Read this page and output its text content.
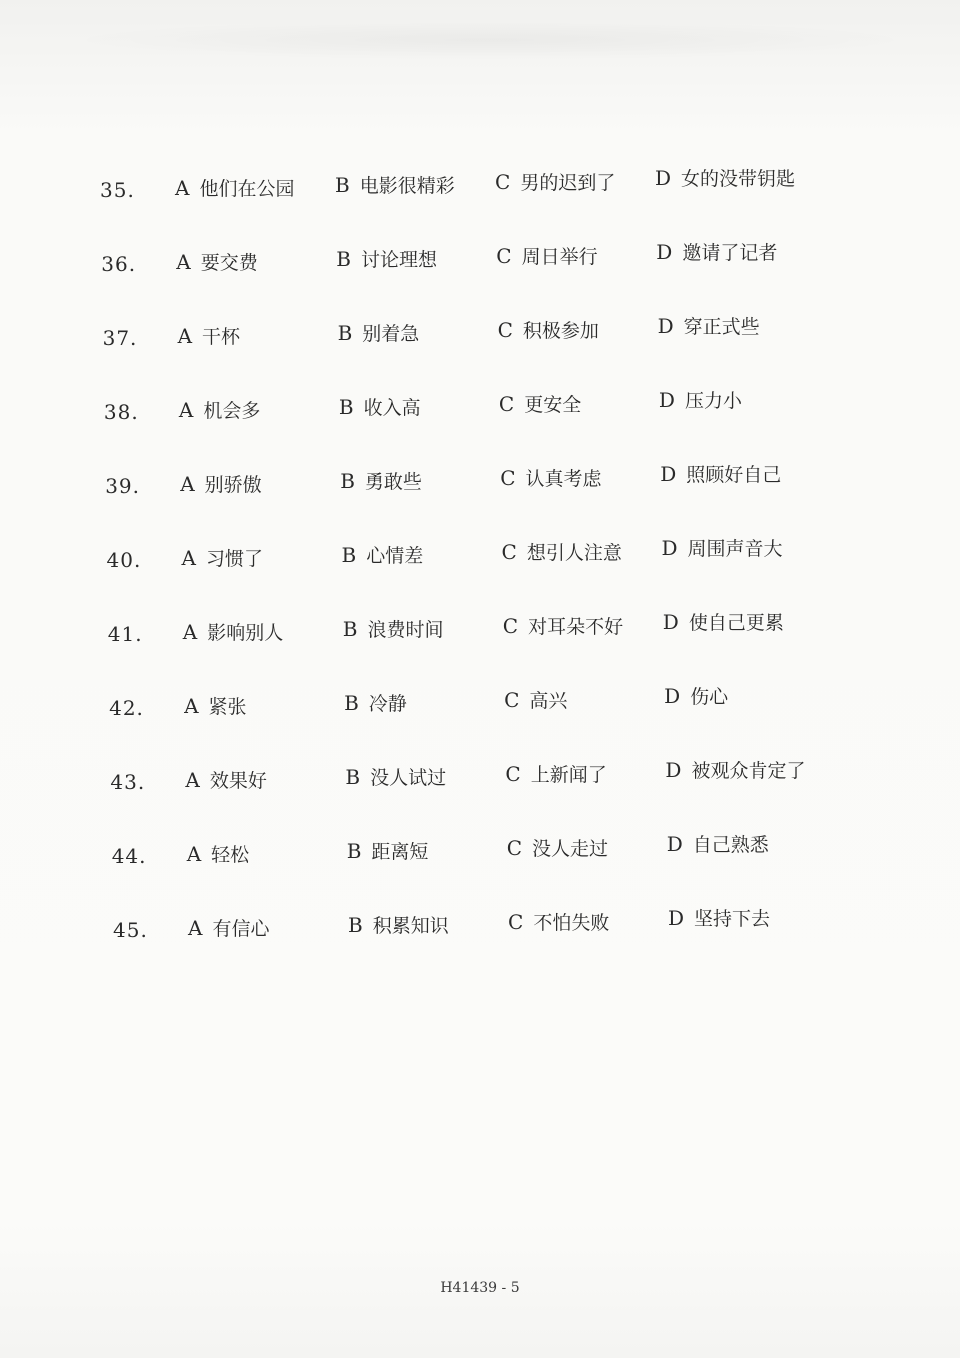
35. A 他们在公园 B 电影很精彩 C 男的迟到了 D 女的没带钥匙
36. A 要交费	B 讨论理想	C 周日举行	D 邀请了记者
37. A 干杯	B 别着急	C 积极参加	D 穿正式些
38. A 机会多	B 收入高	C 更安全	D 压力小
39. A 别骄傲	B 勇敢些	C 认真考虑	D 照顾好自己
40. A 习惯了	B 心情差	C 想引人注意 D 周围声音大
41. A 影响别人	B 浪费时间	C 对耳朵不好 D 使自己更累
42. A 紧张	B 冷静	C 高兴	D 伤心
43. A 效果好	B 没人试过	C 上新闻了	D 被观众肯定了
44. A 轻松	B 距离短	C 没人走过	D 自己熟悉
45. A 有信心	B 积累知识	C 不怕失败	D 坚持下去
H41439 - 5
